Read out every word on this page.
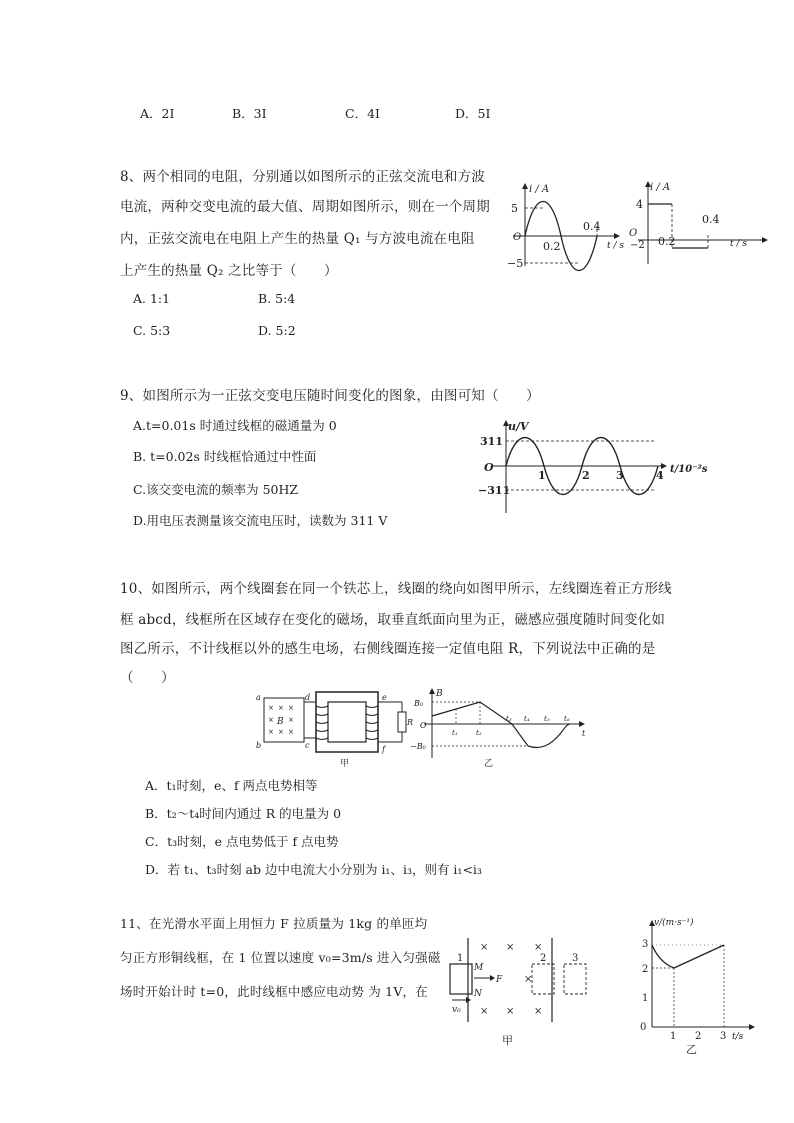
A．2I	B．3I	C．4I	D．5I
8、两个相同的电阻，分别通以如图所示的正弦交流电和方波
电流，两种交变电流的最大值、周期如图所示，则在一个周期
内，正弦交流电在电阻上产生的热量 Q₁ 与方波电流在电阻
上产生的热量 Q₂ 之比等于（　　）
A. 1:1	B. 5:4
C. 5:3	D. 5:2
i / A
5
O
−5
0.2
0.4
t / s
i / A
4
O
−2 0.2
0.4
t / s
9、如图所示为一正弦交变电压随时间变化的图象，由图可知（　　）
A.t=0.01s 时通过线框的磁通量为 0
B. t=0.02s 时线框恰通过中性面
C.该交变电流的频率为 50HZ
D.用电压表测量该交流电压时，读数为 311 V
u/V
311
O
−311
1	2 3	4 t/10⁻²s
10、如图所示，两个线圈套在同一个铁芯上，线圈的绕向如图甲所示，左线圈连着正方形线
框 abcd，线框所在区域存在变化的磁场，取垂直纸面向里为正，磁感应强度随时间变化如
图乙所示，不计线框以外的感生电场，右侧线圈连接一定值电阻 R，下列说法中正确的是
（　　）
× × ×
× ×
× × ×
B
a	d
b	c
e
f
R
甲
B
B₀
O
−B₀
t₁	t₂
t₃ t₄ t₅ t₆
t
乙
A．t₁时刻，e、f 两点电势相等
B．t₂～t₄时间内通过 R 的电量为 0
C．t₃时刻，e 点电势低于 f 点电势
D．若 t₁、t₃时刻 ab 边中电流大小分别为 i₁、i₃，则有 i₁<i₃
11、在光滑水平面上用恒力 F 拉质量为 1kg 的单匝均
匀正方形铜线框，在 1 位置以速度 v₀=3m/s 进入匀强磁
场时开始计时 t=0，此时线框中感应电动势 为 1V，在
× × ×
× × ×
×
1	2	3
M
N
F
v₀
甲
v/(m·s⁻¹)
0
1
2
3
1 2 3 t/s
乙
